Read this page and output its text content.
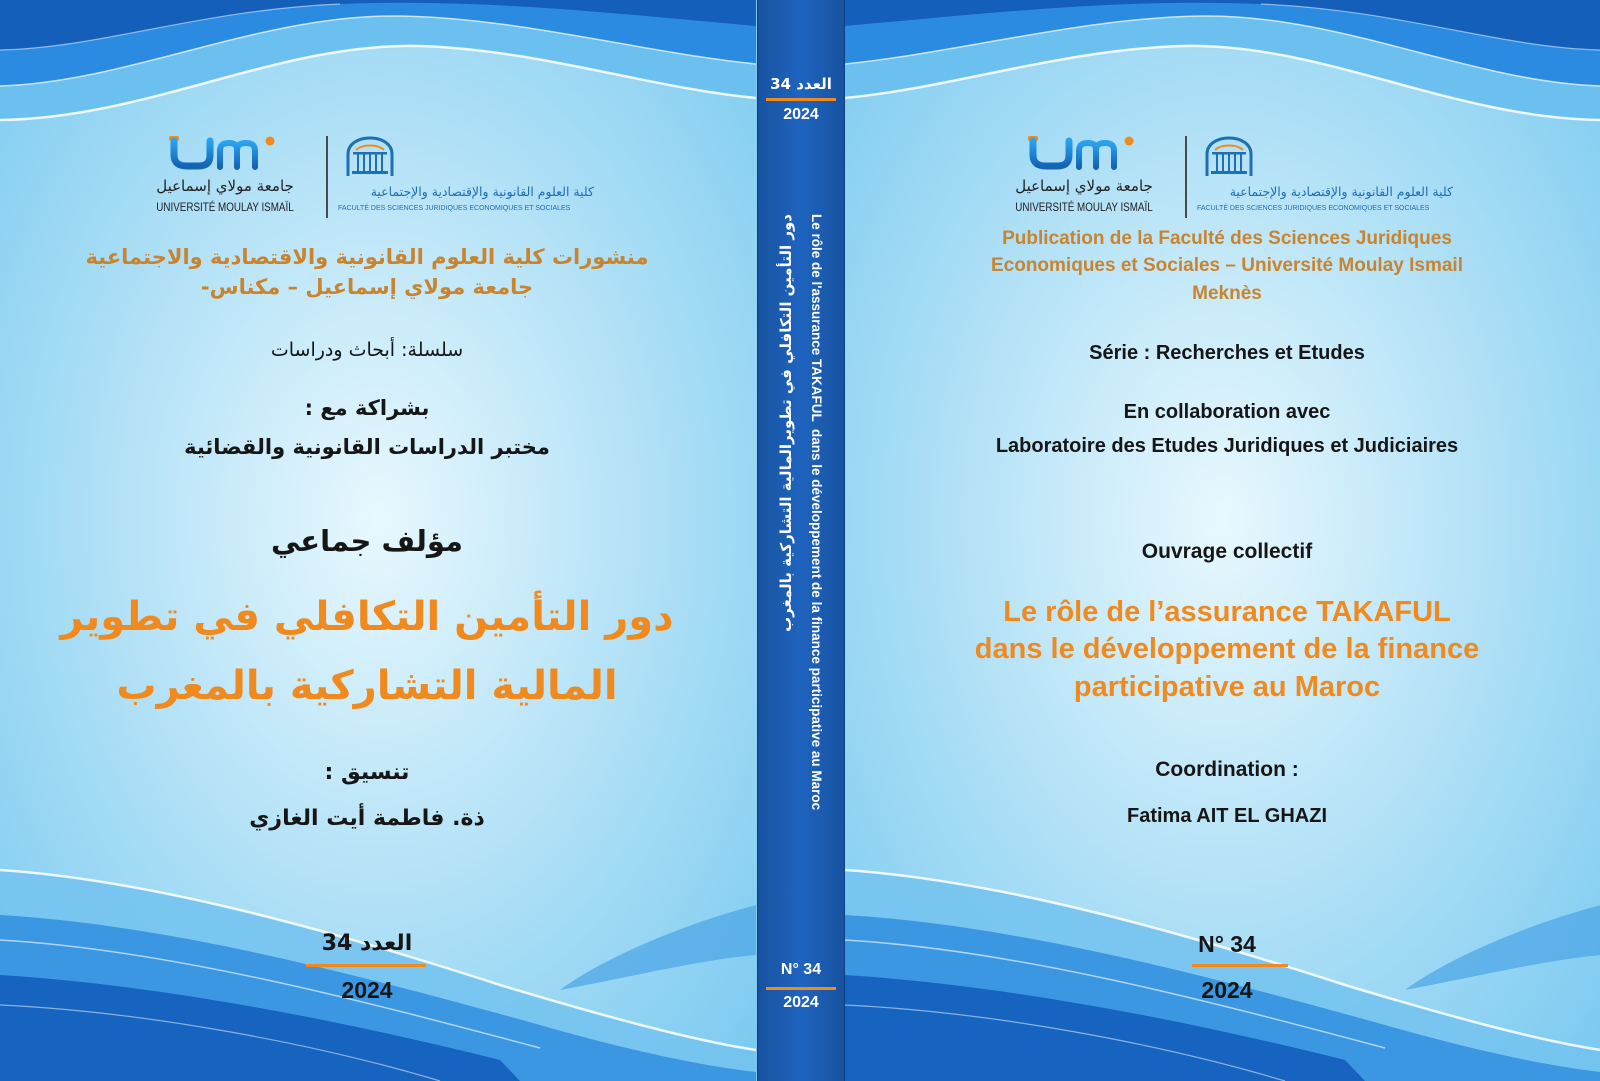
جامعة مولاي إسماعيل
UNIVERSITÉ MOULAY ISMAÏL
كلية العلوم القانونية والإقتصادية والإجتماعية
FACULTÉ DES SCIENCES JURIDIQUES ECONOMIQUES ET SOCIALES
منشورات كلية العلوم القانونية والاقتصادية والاجتماعية
جامعة مولاي إسماعيل – مكناس-
سلسلة: أبحاث ودراسات
بشراكة مع :
مختبر الدراسات القانونية والقضائية
مؤلف جماعي
دور التأمين التكافلي في تطوير
المالية التشاركية بالمغرب
تنسيق :
ذة. فاطمة أيت الغازي
العدد 34
2024
العدد 34
2024
دور التأمين التكافلي في تطويرالمالية التشاركية بالمغرب Le rôle de l'assurance TAKAFUL  dans le développement de la finance participative au Maroc
N° 34
2024
جامعة مولاي إسماعيل
UNIVERSITÉ MOULAY ISMAÏL
كلية العلوم القانونية والإقتصادية والإجتماعية
FACULTÉ DES SCIENCES JURIDIQUES ECONOMIQUES ET SOCIALES
Publication de la Faculté des Sciences Juridiques
Economiques et Sociales – Université Moulay Ismail
Meknès
Série : Recherches et Etudes
En collaboration avec
Laboratoire des Etudes Juridiques et Judiciaires
Ouvrage collectif
Le rôle de l’assurance TAKAFUL
dans le développement de la finance
participative au Maroc
Coordination :
Fatima AIT EL GHAZI
N° 34
2024
